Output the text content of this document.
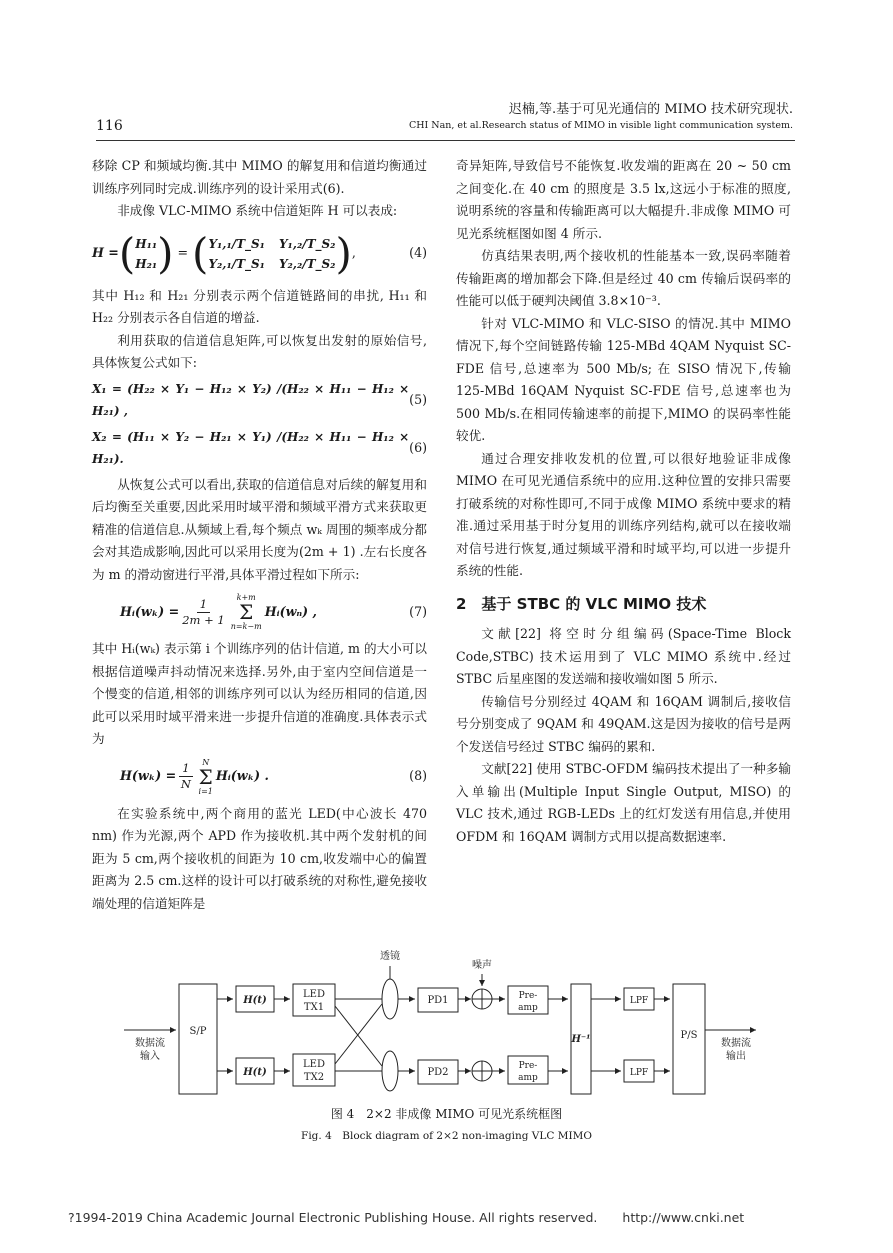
116
迟楠,等.基于可见光通信的 MIMO 技术研究现状.
CHI Nan, et al.Research status of MIMO in visible light communication system.

移除 CP 和频域均衡.其中 MIMO 的解复用和信道均衡通过训练序列同时完成.训练序列的设计采用式(6).

非成像 VLC-MIMO 系统中信道矩阵 H 可以表成:

H = ( H₁₁
H₂₁ ) = ( Y₁,₁/T_S₁ Y₁,₂/T_S₂
Y₂,₁/T_S₁ Y₂,₂/T_S₂ ) ,	(4)

其中 H₁₂ 和 H₂₁ 分别表示两个信道链路间的串扰, H₁₁ 和 H₂₂ 分别表示各自信道的增益.

利用获取的信道信息矩阵,可以恢复出发射的原始信号,具体恢复公式如下:

X₁ = (H₂₂ × Y₁ − H₁₂ × Y₂) /(H₂₂ × H₁₁ − H₁₂ × H₂₁) ,
(5)
X₂ = (H₁₁ × Y₂ − H₂₁ × Y₁) /(H₂₂ × H₁₁ − H₁₂ × H₂₁).
(6)

从恢复公式可以看出,获取的信道信息对后续的解复用和后均衡至关重要,因此采用时域平滑和频域平滑方式来获取更精准的信道信息.从频域上看,每个频点 wₖ 周围的频率成分都会对其造成影响,因此可以采用长度为(2m + 1) .左右长度各为 m 的滑动窗进行平滑,具体平滑过程如下所示:

Hᵢ(wₖ) = $\frac{1}{2m + 1} k+m$
Σ
n=k−m
Hᵢ(wₙ) ,	(7)

其中 Hᵢ(wₖ) 表示第 i 个训练序列的估计信道, m 的大小可以根据信道噪声抖动情况来选择.另外,由于室内空间信道是一个慢变的信道,相邻的训练序列可以认为经历相同的信道,因此可以采用时域平滑来进一步提升信道的准确度.具体表示式为

$H(w_k) = \frac{1}{N}$ N
Σ
i=1
Hᵢ(wₖ) .	(8)

在实验系统中,两个商用的蓝光 LED(中心波长 470 nm) 作为光源,两个 APD 作为接收机.其中两个发射机的间距为 5 cm,两个接收机的间距为 10 cm,收发端中心的偏置距离为 2.5 cm.这样的设计可以打破系统的对称性,避免接收端处理的信道矩阵是

奇异矩阵,导致信号不能恢复.收发端的距离在 20 ~ 50 cm 之间变化.在 40 cm 的照度是 3.5 lx,这远小于标准的照度,说明系统的容量和传输距离可以大幅提升.非成像 MIMO 可见光系统框图如图 4 所示.

仿真结果表明,两个接收机的性能基本一致,误码率随着传输距离的增加都会下降.但是经过 40 cm 传输后误码率的性能可以低于硬判决阈值 3.8×10⁻³.

针对 VLC-MIMO 和 VLC-SISO 的情况.其中 MIMO 情况下,每个空间链路传输 125-MBd 4QAM Nyquist SC-FDE 信号,总速率为 500 Mb/s; 在 SISO 情况下,传输 125-MBd 16QAM Nyquist SC-FDE 信号,总速率也为 500 Mb/s.在相同传输速率的前提下,MIMO 的误码率性能较优.

通过合理安排收发机的位置,可以很好地验证非成像 MIMO 在可见光通信系统中的应用.这种位置的安排只需要打破系统的对称性即可,不同于成像 MIMO 系统中要求的精准.通过采用基于时分复用的训练序列结构,就可以在接收端对信号进行恢复,通过频域平滑和时域平均,可以进一步提升系统的性能.

2　基于 STBC 的 VLC MIMO 技术

文献[22] 将空时分组编码(Space-Time Block Code,STBC) 技术运用到了 VLC MIMO 系统中.经过 STBC 后星座图的发送端和接收端如图 5 所示.

传输信号分别经过 4QAM 和 16QAM 调制后,接收信号分别变成了 9QAM 和 49QAM.这是因为接收的信号是两个发送信号经过 STBC 编码的累和.

文献[22] 使用 STBC-OFDM 编码技术提出了一种多输入单输出(Multiple Input Single Output, MISO) 的 VLC 技术,通过 RGB-LEDs 上的红灯发送有用信息,并使用 OFDM 和 16QAM 调制方式用以提高数据速率.

透镜
噪声
数据流
输入
数据流
输出
S/P
H(t)
H(t)
LED
TX1
LED
TX2
PD1
PD2
Pre-
amp
Pre-
amp
H⁻¹
LPF
LPF
P/S
图 4　2×2 非成像 MIMO 可见光系统框图
Fig. 4　Block diagram of 2×2 non-imaging VLC MIMO
?1994-2019 China Academic Journal Electronic Publishing House. All rights reserved.　　http://www.cnki.net
